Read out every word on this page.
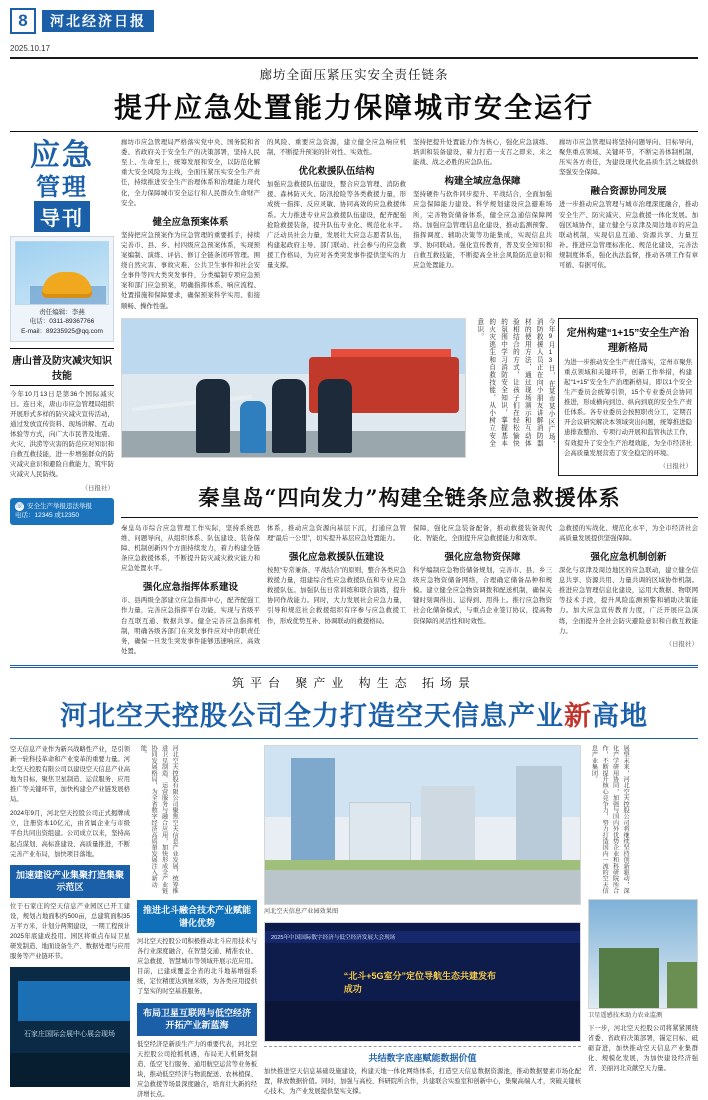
8	河北经济日报
2025.10.17
廊坊全面压紧压实安全责任链条
提升应急处置能力保障城市安全运行
应急
管理
导刊
责任编辑：李燕
电话：0311-89367766
E-mail：89235925@qq.com
唐山普及防灾减灾知识技能
今年10月13日是第36个国际减灾日。连日来，唐山市应急管理局组织开展形式多样的防灾减灾宣传活动，通过发放宣传资料、现场讲解、互动体验等方式，向广大市民普及地震、火灾、洪涝等灾害的防范应对知识和自救互救技能，进一步增强群众的防灾减灾意识和避险自救能力，筑牢防灾减灾人民防线。
（日报社）
☏ 安全生产举报违法举报
电话：12345 或12350
廊坊市应急管理局严格落实党中央、国务院和省委、省政府关于安全生产的决策部署，坚持人民至上、生命至上，统筹发展和安全，以防范化解重大安全风险为主线，全面压紧压实安全生产责任，持续推进安全生产治理体系和治理能力现代化，全力保障城市安全运行和人民群众生命财产安全。
健全应急预案体系
坚持把应急预案作为应急管理的重要抓手，持续完善市、县、乡、村四级应急预案体系，实现预案编制、演练、评估、修订全链条闭环管理。围绕自然灾害、事故灾难、公共卫生事件和社会安全事件等四大类突发事件，分类编制专项应急预案和部门应急预案，明确指挥体系、响应流程、处置措施和保障要求，确保预案科学实用、衔接顺畅、操作性强。
的风险、重要应急资源，建立健全应急响应机制，不断提升预案的针对性、实效性。
优化救援队伍结构
加强应急救援队伍建设，整合应急管理、消防救援、森林防灭火、防汛抢险等各类救援力量，形成统一指挥、反应灵敏、协同高效的应急救援体系。大力推进专业应急救援队伍建设，配齐配强抢险救援装备，提升队伍专业化、规范化水平。广泛动员社会力量，发展壮大应急志愿者队伍，构建起政府主导、部门联动、社会参与的应急救援工作格局，为应对各类突发事件提供坚实的力量支撑。
坚持把提升处置能力作为核心，强化应急演练、培训和装备建设，着力打造一支召之即来、来之能战、战之必胜的应急队伍。
构建全域应急保障
坚持硬件与软件同步提升、平战结合，全面加强应急保障能力建设。科学规划建设应急避难场所，完善物资储备体系，健全应急通信保障网络。加强应急管理信息化建设，推动监测预警、指挥调度、辅助决策等功能集成，实现信息共享、协同联动。强化宣传教育，普及安全知识和自救互救技能，不断提高全社会风险防范意识和应急处置能力。
廊坊市应急管理局将坚持问题导向、目标导向，聚焦重点领域、关键环节，不断完善体制机制，压实各方责任，为建设现代化品质生活之城提供坚强安全保障。
融合资源协同发展
进一步推动应急管理与城市治理深度融合，推动安全生产、防灾减灾、应急救援一体化发展。加强区域协作，建立健全与京津及周边地市的应急联动机制，实现信息互通、资源共享、力量互补。推进应急管理标准化、规范化建设，完善法规制度体系，强化执法监督，推动各项工作有章可循、有据可依。
今年9月13日，在某市某小区广场，消防救援人员正在向小朋友讲解消防器材的使用方法，通过现场演示和互动体验相结合的方式，让孩子们在轻松愉快的氛围中学习消防安全知识，掌握基本的火灾逃生和自救技能，从小树立安全意识。	定州构建“1+15”安全生产治理新格局
为进一步推动安全生产责任落实，定州市聚焦重点领域和关键环节，创新工作举措，构建起“1+15”安全生产治理新格局，即以1个安全生产委员会统筹引领，15个专业委员会协同推进，形成横向到边、纵向到底的安全生产责任体系。各专业委员会按照职责分工，定期召开会议研究解决本领域突出问题，统筹推进隐患排查整治、专项行动开展和监管执法工作，有效提升了安全生产治理效能，为全市经济社会高质量发展营造了安全稳定的环境。
（日报社）
秦皇岛“四向发力”构建全链条应急救援体系
秦皇岛市综合应急管理工作实际，坚持系统思维、问题导向，从组织体系、队伍建设、装备保障、机制创新四个方面持续发力，着力构建全链条应急救援体系，不断提升防灾减灾救灾能力和应急处置水平。
强化应急指挥体系建设
市、县两级全部建立应急指挥中心，配齐配强工作力量，完善应急指挥平台功能，实现与省级平台互联互通、数据共享。健全完善应急指挥机制，明确各级各部门在突发事件应对中的职责任务，确保一旦发生突发事件能够迅速响应、高效处置。
体系，推动应急资源向基层下沉，打通应急管理“最后一公里”，切实提升基层应急处置能力。
强化应急救援队伍建设
按照“专常兼备、平战结合”的原则，整合各类应急救援力量，组建综合性应急救援队伍和专业应急救援队伍。加强队伍日常训练和联合演练，提升协同作战能力。同时，大力发展社会应急力量，引导和规范社会救援组织有序参与应急救援工作，形成优势互补、协调联动的救援格局。
保障，强化应急装备配备，推动救援装备现代化、智能化，全面提升应急救援能力和效率。
强化应急物资保障
科学编制应急物资储备规划，完善市、县、乡三级应急物资储备网络，合理确定储备品种和规模。建立健全应急物资调拨和配送机制，确保关键时刻调得出、运得到、用得上。推行应急物资社会化储备模式，与重点企业签订协议，提高物资保障的灵活性和时效性。
急救援的实战化、规范化水平，为全市经济社会高质量发展提供坚强保障。
强化应急机制创新
深化与京津及周边地区的应急联动，建立健全信息共享、资源共用、力量共调的区域协作机制。推进应急管理信息化建设，运用大数据、物联网等技术手段，提升风险监测预警和辅助决策能力。加大应急宣传教育力度，广泛开展应急演练，全面提升全社会防灾避险意识和自救互救能力。
（日报社）
筑平台 聚产业 构生态 拓场景
河北空天控股公司全力打造空天信息产业新高地
空天信息产业作为新兴战略性产业，是引领新一轮科技革命和产业变革的重要力量。河北空天控股有限公司以建设空天信息产业高地为目标，聚焦卫星制造、运营服务、应用推广等关键环节，加快构建全产业链发展格局。
2024年9月，河北空天控股公司正式揭牌成立，注册资本10亿元，由省属企业与市级平台共同出资组建。公司成立以来，坚持高起点谋划、高标准建设、高质量推进，不断完善产业布局，加快项目落地。
加速建设产业集聚打造集聚示范区
位于石家庄的空天信息产业园区已开工建设，规划占地面积约500亩，总建筑面积35万平方米，计划分两期建设，一期工程预计2025年底建成投用。园区将重点布局卫星研发制造、地面设备生产、数据处理与应用服务等产业链环节。
石家庄国际会展中心展会现场
河北空天控股有限公司聚焦空天信息产业发展，统筹推进卫星制造、运营服务与融合应用，加快形成全产业链协同发展格局，为全省数字经济高质量发展注入新动能。
推进北斗融合技术产业赋能谱化优势
河北空天控股公司积极推动北斗应用技术与各行业深度融合，在智慧交通、精准农业、应急救援、智慧城市等领域开展示范应用。目前，已建成覆盖全省的北斗地基增强系统，定位精度达到厘米级，为各类应用提供了坚实的时空基准服务。
布局卫星互联网与低空经济开拓产业新蓝海
低空经济是新质生产力的重要代表，河北空天控股公司抢抓机遇，布局无人机研发制造、低空飞行服务、通用航空运营等业务板块，推动低空经济与物流配送、农林植保、应急救援等场景深度融合，培育壮大新的经济增长点。
河北空天信息产业园效果图
2025年中国国际数字经济与低空经济发展大会现场
“北斗+5G室分”定位导航生态共建发布成功
共结数字底座赋能数据价值
加快推进空天信息基础设施建设，构建天地一体化网络体系，打造空天信息数据资源池，推动数据要素市场化配置，释放数据价值。同时，加强与高校、科研院所合作，共建联合实验室和创新中心，集聚高端人才，突破关键核心技术，为产业发展提供坚实支撑。
展望未来，河北空天控股公司将继续坚持创新驱动，深化产学研用协同，加强与国内外优势企业和科研院所合作，不断提升核心竞争力，努力打造国内一流的空天信息产业集团。
卫星遥感技术助力农业监测
下一步，河北空天控股公司将紧紧围绕省委、省政府决策部署，锚定目标、砥砺奋进，加快推动空天信息产业集群化、规模化发展，为加快建设经济强省、美丽河北贡献空天力量。
